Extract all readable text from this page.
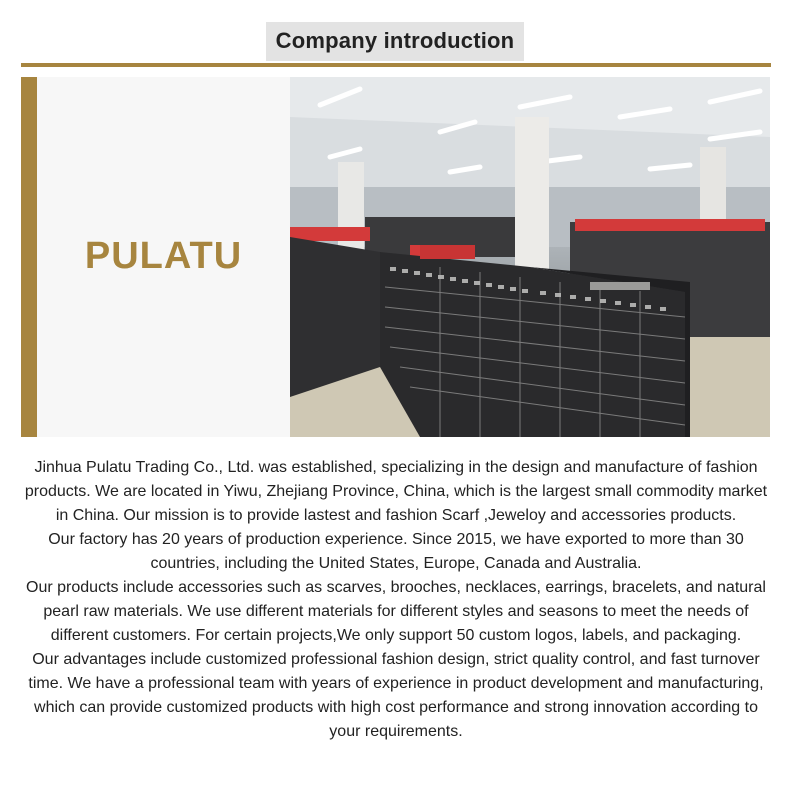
Company introduction
PULATU

Jinhua Pulatu Trading Co., Ltd. was established, specializing in the design and manufacture of fashion products. We are located in Yiwu, Zhejiang Province, China, which is the largest small commodity market in China. Our mission is to provide lastest and fashion Scarf ,Jeweloy and accessories products.

Our factory has 20 years of production experience. Since 2015, we have exported to more than 30 countries, including the United States, Europe, Canada and Australia.

Our products include accessories such as scarves, brooches, necklaces, earrings, bracelets, and natural pearl raw materials. We use different materials for different styles and seasons to meet the needs of different customers. For certain projects,We only support 50 custom logos, labels, and packaging.

Our advantages include customized professional fashion design, strict quality control, and fast turnover time. We have a professional team with years of experience in product development and manufacturing, which can provide customized products with high cost performance and strong innovation according to your requirements.
